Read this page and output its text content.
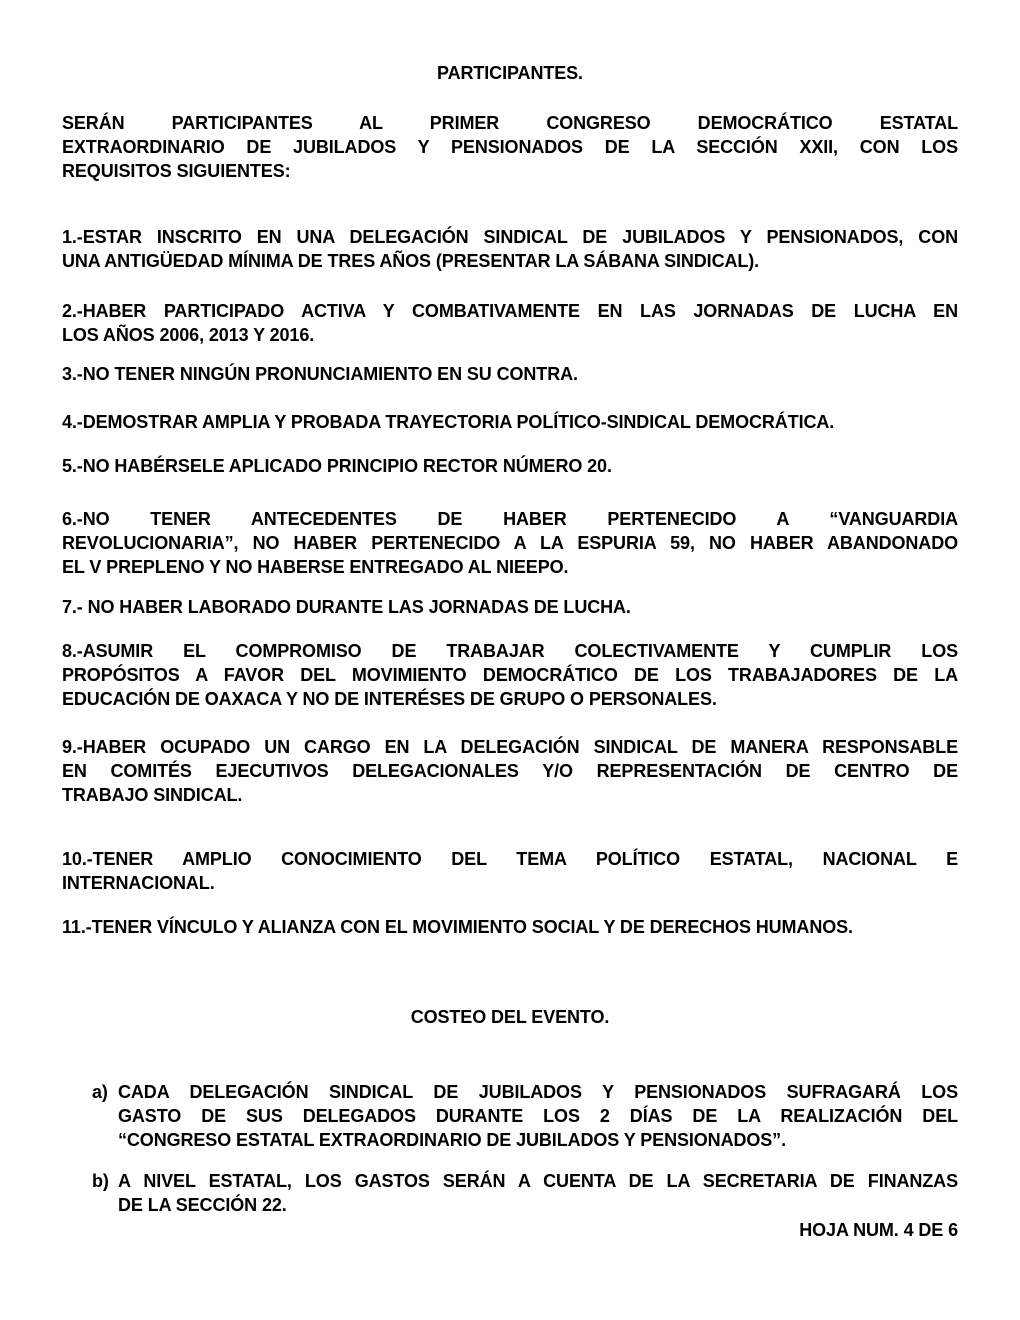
PARTICIPANTES.

SERÁN PARTICIPANTES AL PRIMER CONGRESO DEMOCRÁTICO ESTATAL
EXTRAORDINARIO DE JUBILADOS Y PENSIONADOS DE LA SECCIÓN XXII, CON LOS
REQUISITOS SIGUIENTES:

1.-ESTAR INSCRITO EN UNA DELEGACIÓN SINDICAL DE JUBILADOS Y PENSIONADOS, CON
UNA ANTIGÜEDAD MÍNIMA DE TRES AÑOS (PRESENTAR LA SÁBANA SINDICAL).

2.-HABER PARTICIPADO ACTIVA Y COMBATIVAMENTE EN LAS JORNADAS DE LUCHA EN
LOS AÑOS 2006, 2013 Y 2016.

3.-NO TENER NINGÚN PRONUNCIAMIENTO EN SU CONTRA.

4.-DEMOSTRAR AMPLIA Y PROBADA TRAYECTORIA POLÍTICO-SINDICAL DEMOCRÁTICA.

5.-NO HABÉRSELE APLICADO PRINCIPIO RECTOR NÚMERO 20.

6.-NO TENER ANTECEDENTES DE HABER PERTENECIDO A “VANGUARDIA
REVOLUCIONARIA”, NO HABER PERTENECIDO A LA ESPURIA 59, NO HABER ABANDONADO
EL V PREPLENO Y NO HABERSE ENTREGADO AL NIEEPO.

7.- NO HABER LABORADO DURANTE LAS JORNADAS DE LUCHA.

8.-ASUMIR EL COMPROMISO DE TRABAJAR COLECTIVAMENTE Y CUMPLIR LOS
PROPÓSITOS A FAVOR DEL MOVIMIENTO DEMOCRÁTICO DE LOS TRABAJADORES DE LA
EDUCACIÓN DE OAXACA Y NO DE INTERÉSES DE GRUPO O PERSONALES.

9.-HABER OCUPADO UN CARGO EN LA DELEGACIÓN SINDICAL DE MANERA RESPONSABLE
EN COMITÉS EJECUTIVOS DELEGACIONALES Y/O REPRESENTACIÓN DE CENTRO DE
TRABAJO SINDICAL.

10.-TENER AMPLIO CONOCIMIENTO DEL TEMA POLÍTICO ESTATAL, NACIONAL E
INTERNACIONAL.

11.-TENER VÍNCULO Y ALIANZA CON EL MOVIMIENTO SOCIAL Y DE DERECHOS HUMANOS.

COSTEO DEL EVENTO.

a) CADA DELEGACIÓN SINDICAL DE JUBILADOS Y PENSIONADOS SUFRAGARÁ LOS
GASTO DE SUS DELEGADOS DURANTE LOS 2 DÍAS DE LA REALIZACIÓN DEL
“CONGRESO ESTATAL EXTRAORDINARIO DE JUBILADOS Y PENSIONADOS”.
b) A NIVEL ESTATAL, LOS GASTOS SERÁN A CUENTA DE LA SECRETARIA DE FINANZAS
DE LA SECCIÓN 22.

HOJA NUM. 4 DE 6
